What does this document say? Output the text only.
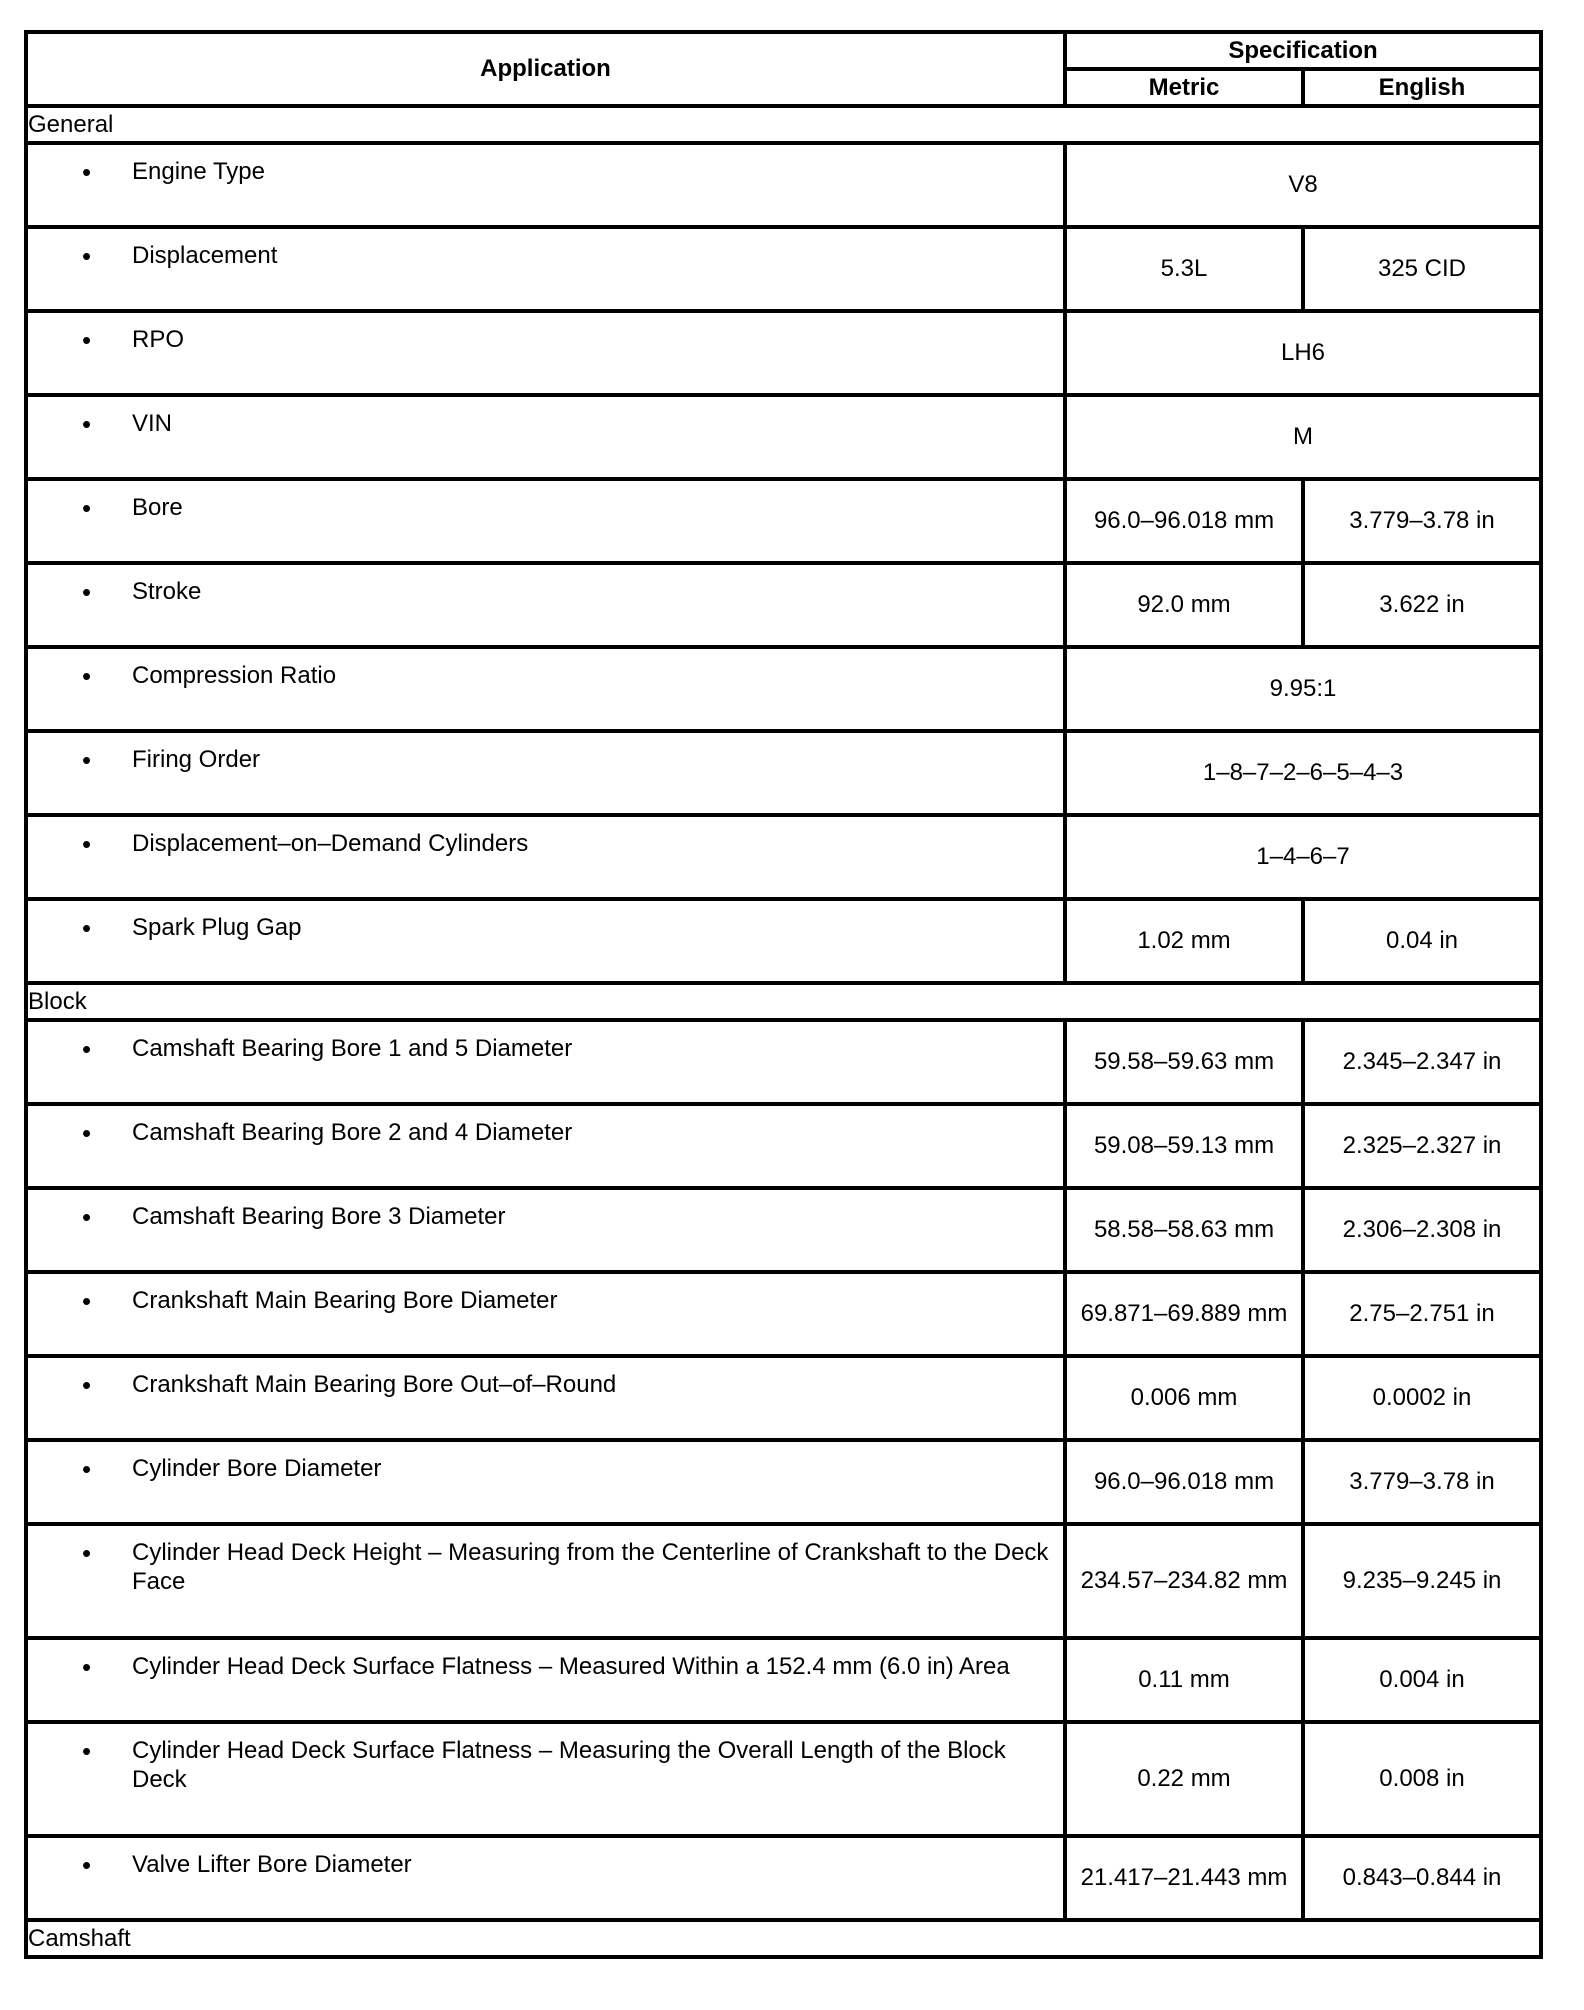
Application	Specification	
	Metric	English
General		

• Engine Type	V8	

• Displacement	5.3L	325 CID

• RPO	LH6	

• VIN	M	

• Bore	96.0–96.018 mm	3.779–3.78 in

• Stroke	92.0 mm	3.622 in

• Compression Ratio	9.95:1	

• Firing Order	1–8–7–2–6–5–4–3	

• Displacement–on–Demand Cylinders	1–4–6–7	

• Spark Plug Gap	1.02 mm	0.04 in
Block		

• Camshaft Bearing Bore 1 and 5 Diameter	59.58–59.63 mm	2.345–2.347 in

• Camshaft Bearing Bore 2 and 4 Diameter	59.08–59.13 mm	2.325–2.327 in

• Camshaft Bearing Bore 3 Diameter	58.58–58.63 mm	2.306–2.308 in

• Crankshaft Main Bearing Bore Diameter	69.871–69.889 mm	2.75–2.751 in

• Crankshaft Main Bearing Bore Out–of–Round	0.006 mm	0.0002 in

• Cylinder Bore Diameter	96.0–96.018 mm	3.779–3.78 in

• Cylinder Head Deck Height – Measuring from the Centerline of Crankshaft to the Deck Face	234.57–234.82 mm	9.235–9.245 in

• Cylinder Head Deck Surface Flatness – Measured Within a 152.4 mm (6.0 in) Area	0.11 mm	0.004 in

• Cylinder Head Deck Surface Flatness – Measuring the Overall Length of the Block Deck	0.22 mm	0.008 in

• Valve Lifter Bore Diameter	21.417–21.443 mm	0.843–0.844 in
Camshaft		
